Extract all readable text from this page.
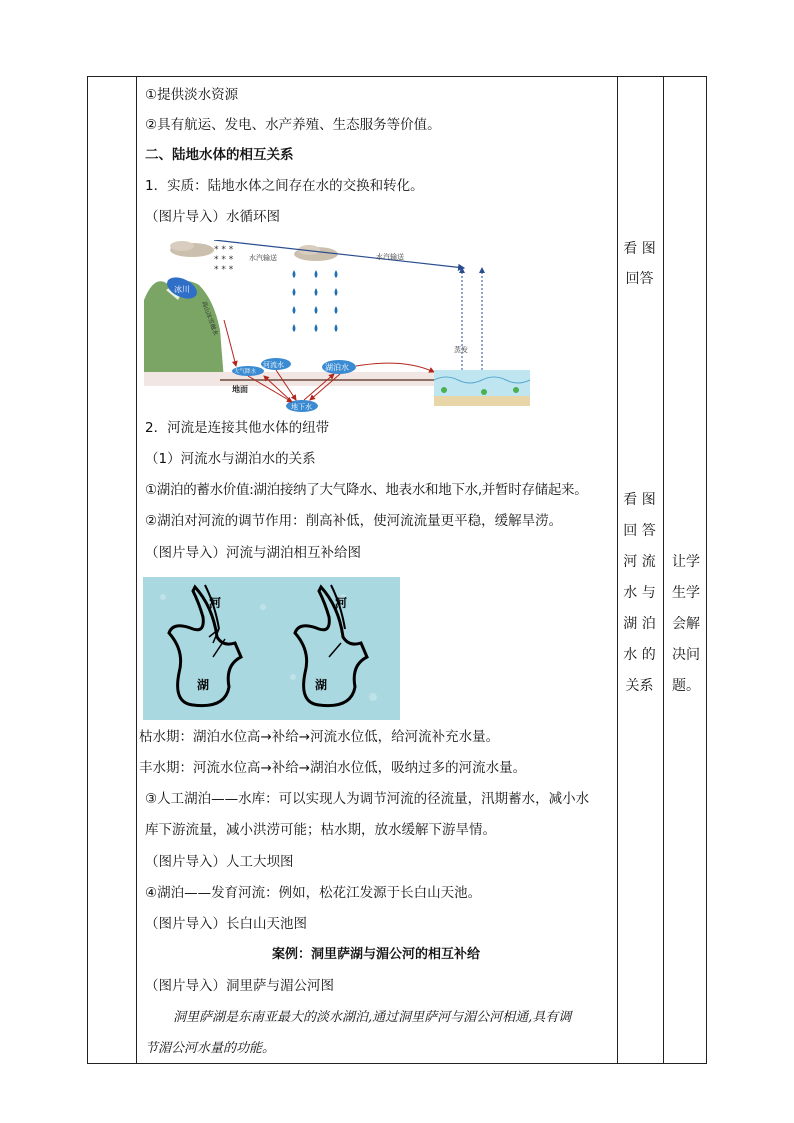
①提供淡水资源
②具有航运、发电、水产养殖、生态服务等价值。
二、陆地水体的相互关系
1．实质：陆地水体之间存在水的交换和转化。
（图片导入）水循环图
2．河流是连接其他水体的纽带
（1）河流水与湖泊水的关系
①湖泊的蓄水价值:湖泊接纳了大气降水、地表水和地下水,并暂时存储起来。
②湖泊对河流的调节作用：削高补低，使河流流量更平稳，缓解旱涝。
（图片导入）河流与湖泊相互补给图
枯水期：湖泊水位高→补给→河流水位低，给河流补充水量。
丰水期：河流水位高→补给→湖泊水位低，吸纳过多的河流水量。
③人工湖泊——水库：可以实现人为调节河流的径流量，汛期蓄水，减小水
库下游流量，减小洪涝可能；枯水期，放水缓解下游旱情。
（图片导入）人工大坝图
④湖泊——发育河流：例如，松花江发源于长白山天池。
（图片导入）长白山天池图
案例：洞里萨湖与湄公河的相互补给
（图片导入）洞里萨与湄公河图
洞里萨湖是东南亚最大的淡水湖泊,通过洞里萨河与湄公河相通,具有调
节湄公河水量的功能。
看 图
回答
看 图
回 答
河 流
水 与
湖 泊
水 的
关系
让学
生学
会解
决问
题。
* * *
* * *
* * *
水汽输送	水汽输送
蒸发
冰川
高山冰雪融水
地面
河流水
大气降水	湖泊水
地下水
河
湖
河
湖
